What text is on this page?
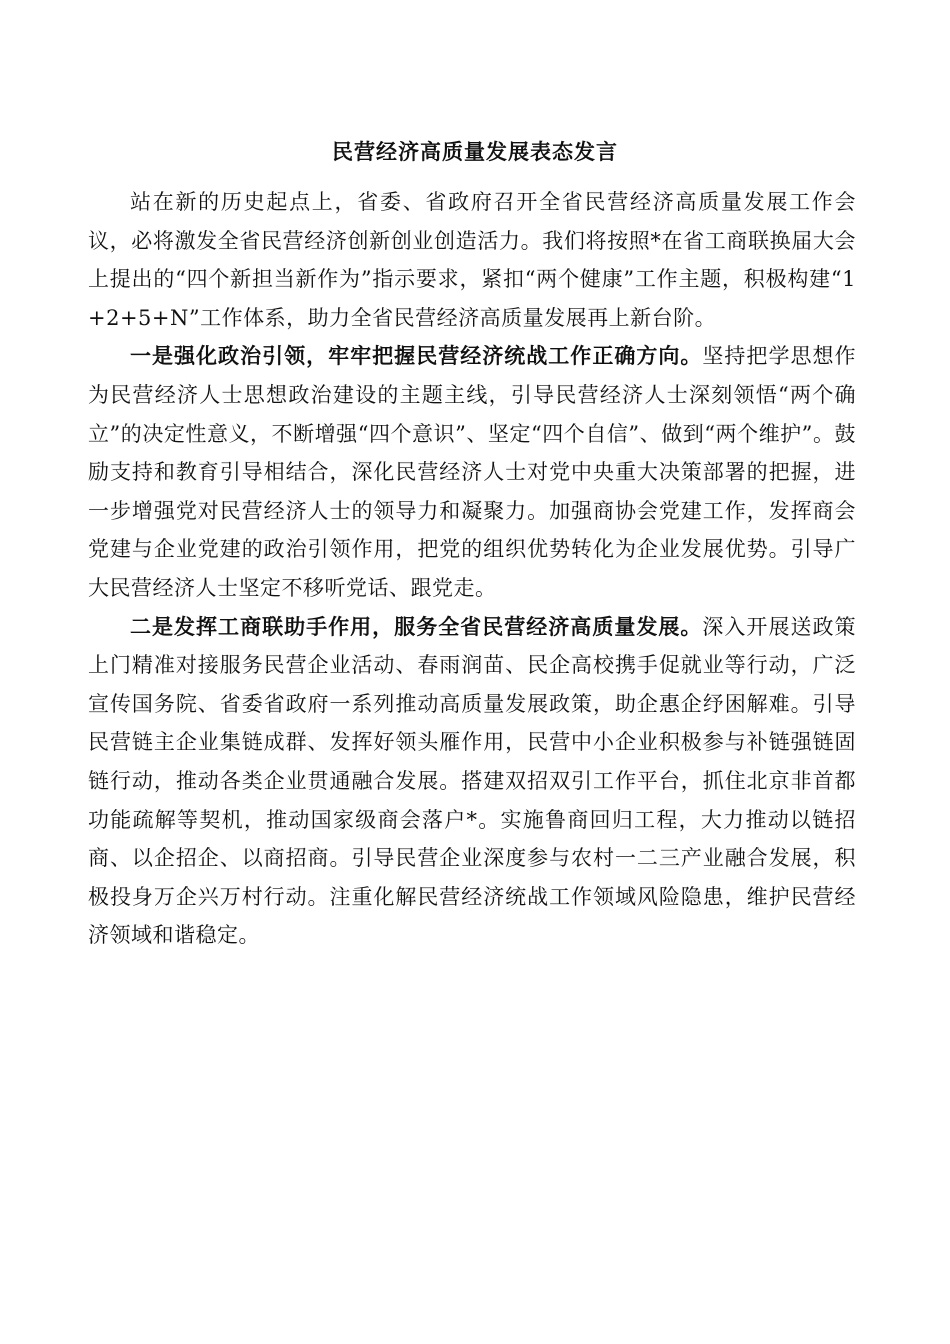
民营经济高质量发展表态发言

站在新的历史起点上，省委、省政府召开全省民营经济高质量发展工作会议，必将激发全省民营经济创新创业创造活力。我们将按照*在省工商联换届大会上提出的“四个新担当新作为”指示要求，紧扣“两个健康”工作主题，积极构建“1+2+5+N”工作体系，助力全省民营经济高质量发展再上新台阶。

一是强化政治引领，牢牢把握民营经济统战工作正确方向。坚持把学思想作为民营经济人士思想政治建设的主题主线，引导民营经济人士深刻领悟“两个确立”的决定性意义，不断增强“四个意识”、坚定“四个自信”、做到“两个维护”。鼓励支持和教育引导相结合，深化民营经济人士对党中央重大决策部署的把握，进一步增强党对民营经济人士的领导力和凝聚力。加强商协会党建工作，发挥商会党建与企业党建的政治引领作用，把党的组织优势转化为企业发展优势。引导广大民营经济人士坚定不移听党话、跟党走。

二是发挥工商联助手作用，服务全省民营经济高质量发展。深入开展送政策上门精准对接服务民营企业活动、春雨润苗、民企高校携手促就业等行动，广泛宣传国务院、省委省政府一系列推动高质量发展政策，助企惠企纾困解难。引导民营链主企业集链成群、发挥好领头雁作用，民营中小企业积极参与补链强链固链行动，推动各类企业贯通融合发展。搭建双招双引工作平台，抓住北京非首都功能疏解等契机，推动国家级商会落户*。实施鲁商回归工程，大力推动以链招商、以企招企、以商招商。引导民营企业深度参与农村一二三产业融合发展，积极投身万企兴万村行动。注重化解民营经济统战工作领域风险隐患，维护民营经济领域和谐稳定。
